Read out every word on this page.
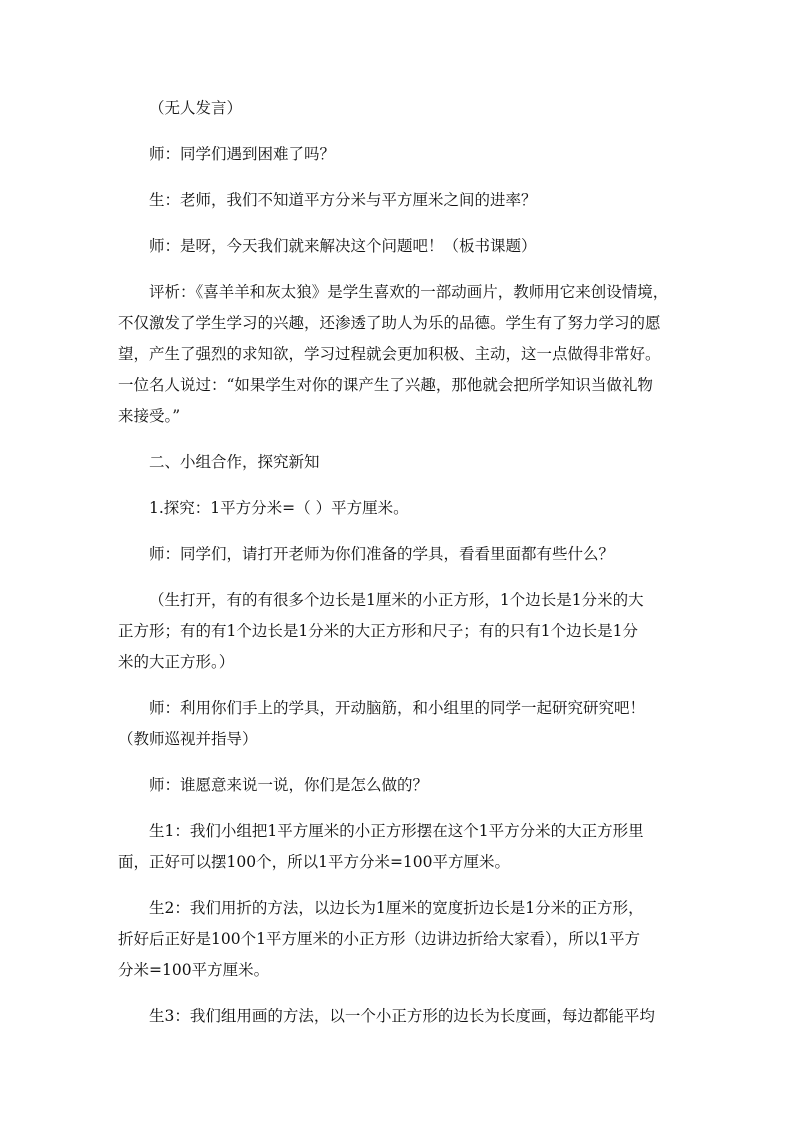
（无人发言）

师：同学们遇到困难了吗？

生：老师，我们不知道平方分米与平方厘米之间的进率？

师：是呀，今天我们就来解决这个问题吧！（板书课题）

评析：《喜羊羊和灰太狼》是学生喜欢的一部动画片，教师用它来创设情境，
不仅激发了学生学习的兴趣，还渗透了助人为乐的品德。学生有了努力学习的愿
望，产生了强烈的求知欲，学习过程就会更加积极、主动，这一点做得非常好。
一位名人说过：“如果学生对你的课产生了兴趣，那他就会把所学知识当做礼物
来接受。”

二、小组合作，探究新知

1.探究：1平方分米=（ ）平方厘米。

师：同学们，请打开老师为你们准备的学具，看看里面都有些什么？

（生打开，有的有很多个边长是1厘米的小正方形，1个边长是1分米的大
正方形；有的有1个边长是1分米的大正方形和尺子；有的只有1个边长是1分
米的大正方形。）

师：利用你们手上的学具，开动脑筋，和小组里的同学一起研究研究吧！
（教师巡视并指导）

师：谁愿意来说一说，你们是怎么做的？

生1：我们小组把1平方厘米的小正方形摆在这个1平方分米的大正方形里
面，正好可以摆100个，所以1平方分米=100平方厘米。

生2：我们用折的方法，以边长为1厘米的宽度折边长是1分米的正方形，
折好后正好是100个1平方厘米的小正方形（边讲边折给大家看），所以1平方
分米=100平方厘米。

生3：我们组用画的方法，以一个小正方形的边长为长度画，每边都能平均
